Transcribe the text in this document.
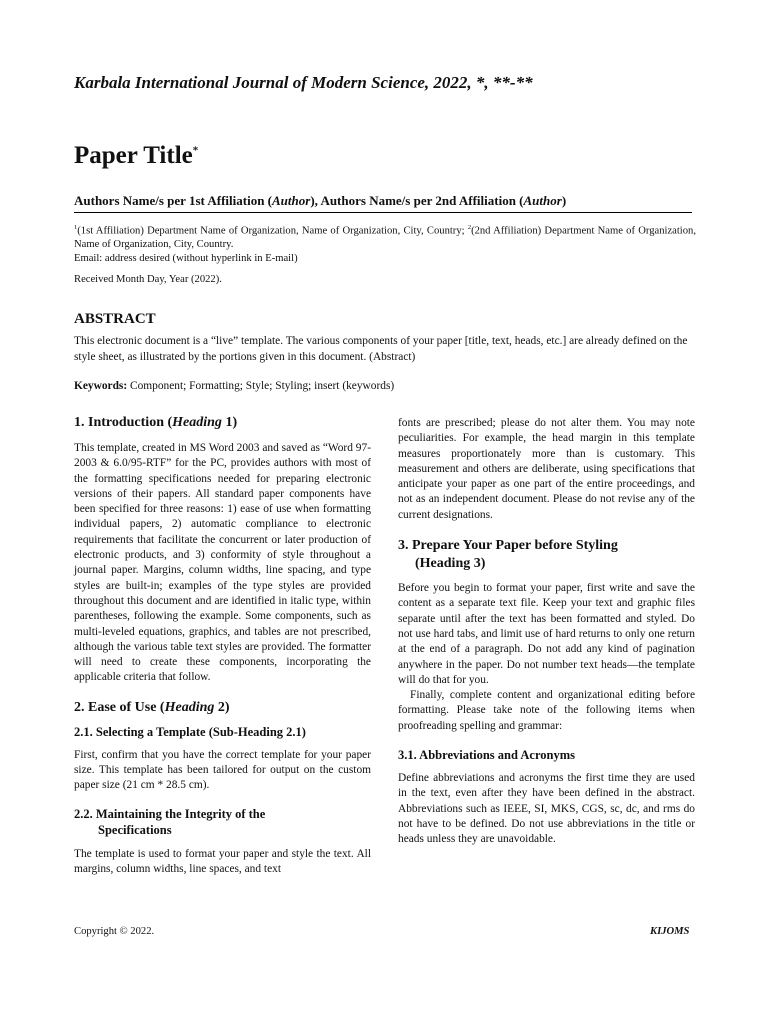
Karbala International Journal of Modern Science, 2022, *, **-**
Paper Title*
Authors Name/s per 1st Affiliation (Author), Authors Name/s per 2nd Affiliation (Author)
$^1$(1st Affiliation) Department Name of Organization, Name of Organization, City, Country; $^2$(2nd Affiliation) Department Name of Organization, Name of Organization, City, Country.
Email: address desired (without hyperlink in E-mail)
Received Month Day, Year (2022).
ABSTRACT
This electronic document is a “live” template. The various components of your paper [title, text, heads, etc.] are already defined on the style sheet, as illustrated by the portions given in this document. (Abstract)
Keywords: Component; Formatting; Style; Styling; insert (keywords)
1. Introduction (Heading 1)
This template, created in MS Word 2003 and saved as “Word 97-2003 & 6.0/95-RTF” for the PC, provides authors with most of the formatting specifications needed for preparing electronic versions of their papers. All standard paper components have been specified for three reasons: 1) ease of use when formatting individual papers, 2) automatic compliance to electronic requirements that facilitate the concurrent or later production of electronic products, and 3) conformity of style throughout a journal paper. Margins, column widths, line spacing, and type styles are built-in; examples of the type styles are provided throughout this document and are identified in italic type, within parentheses, following the example. Some components, such as multi-leveled equations, graphics, and tables are not prescribed, although the various table text styles are provided. The formatter will need to create these components, incorporating the applicable criteria that follow.
2. Ease of Use (Heading 2)
2.1. Selecting a Template (Sub-Heading 2.1)
First, confirm that you have the correct template for your paper size. This template has been tailored for output on the custom paper size (21 cm * 28.5 cm).
2.2. Maintaining the Integrity of the
Specifications
The template is used to format your paper and style the text. All margins, column widths, line spaces, and text
fonts are prescribed; please do not alter them. You may note peculiarities. For example, the head margin in this template measures proportionately more than is customary. This measurement and others are deliberate, using specifications that anticipate your paper as one part of the entire proceedings, and not as an independent document. Please do not revise any of the current designations.
3. Prepare Your Paper before Styling
(Heading 3)
Before you begin to format your paper, first write and save the content as a separate text file. Keep your text and graphic files separate until after the text has been formatted and styled. Do not use hard tabs, and limit use of hard returns to only one return at the end of a paragraph. Do not add any kind of pagination anywhere in the paper. Do not number text heads—the template will do that for you.
Finally, complete content and organizational editing before formatting. Please take note of the following items when proofreading spelling and grammar:
3.1. Abbreviations and Acronyms
Define abbreviations and acronyms the first time they are used in the text, even after they have been defined in the abstract. Abbreviations such as IEEE, SI, MKS, CGS, sc, dc, and rms do not have to be defined. Do not use abbreviations in the title or heads unless they are unavoidable.
Copyright © 2022.	KIJOMS
